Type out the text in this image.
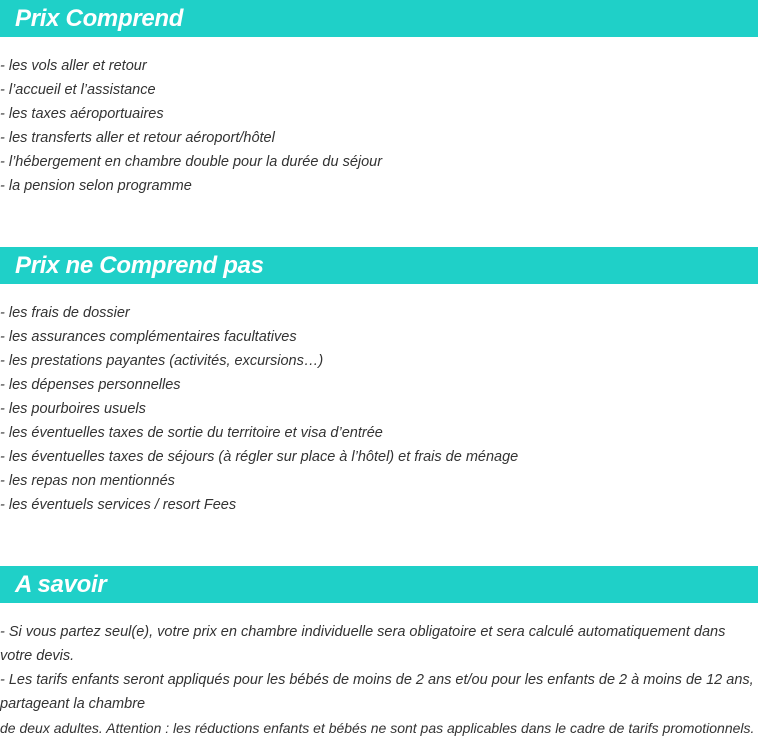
Prix Comprend
- les vols aller et retour
- l’accueil et l’assistance
- les taxes aéroportuaires
- les transferts aller et retour aéroport/hôtel
- l’hébergement en chambre double pour la durée du séjour
- la pension selon programme
Prix ne Comprend pas
- les frais de dossier
- les assurances complémentaires facultatives
- les prestations payantes (activités, excursions…)
- les dépenses personnelles
- les pourboires usuels
- les éventuelles taxes de sortie du territoire et visa d’entrée
- les éventuelles taxes de séjours (à régler sur place à l’hôtel) et frais de ménage
- les repas non mentionnés
- les éventuels services / resort Fees
A savoir

- Si vous partez seul(e), votre prix en chambre individuelle sera obligatoire et sera calculé automatiquement dans votre devis.

- Les tarifs enfants seront appliqués pour les bébés de moins de 2 ans et/ou pour les enfants de 2 à moins de 12 ans, partageant la chambre

de deux adultes. Attention : les réductions enfants et bébés ne sont pas applicables dans le cadre de tarifs promotionnels.
